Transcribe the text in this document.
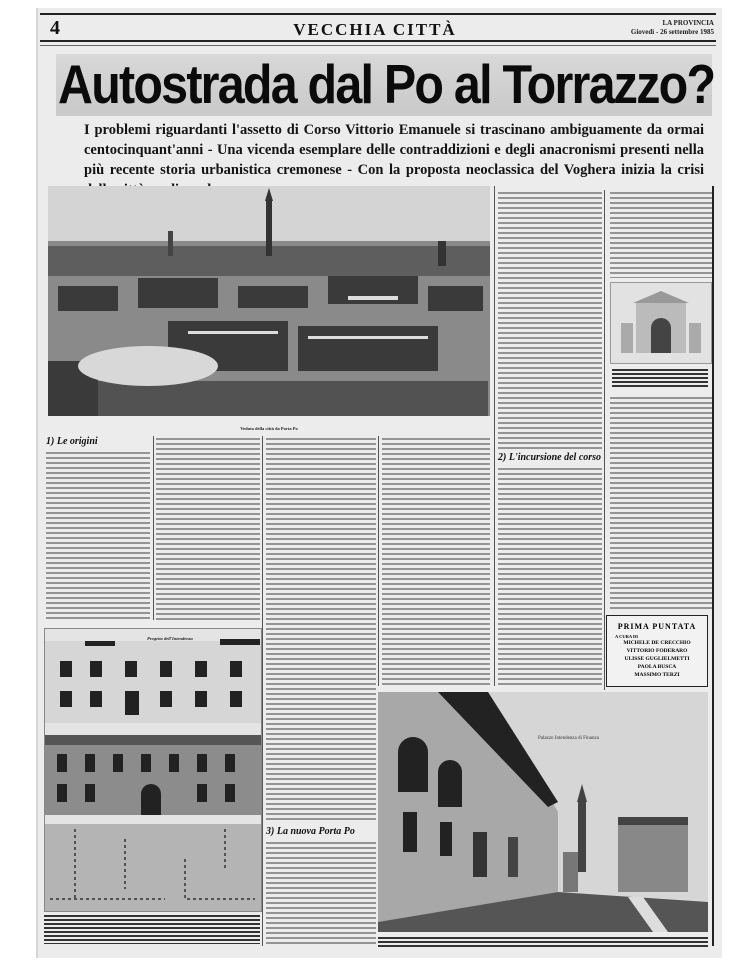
4	VECCHIA CITTÀ	LA PROVINCIA
Giovedì - 26 settembre 1985
Autostrada dal Po al Torrazzo?
I problemi riguardanti l'assetto di Corso Vittorio Emanuele si trascinano ambiguamente da ormai centocinquant'anni - Una vicenda esemplare delle contraddizioni e degli anacronismi presenti nella più recente storia urbanistica cremonese - Con la proposta neoclassica del Voghera inizia la crisi
Veduta della città da Porta Po
2) L'incursione del corso
1) Le origini
PRIMA PUNTATA
A CURA DI
MICHELE DE CRECCHIO
VITTORIO FODERARO
ULISSE GUGLIELMETTI
PAOLA BUSCA
MASSIMO TERZI
Progetto dell'Intendenza
3) La nuova Porta Po
Palazzo Intendenza di Finanza
